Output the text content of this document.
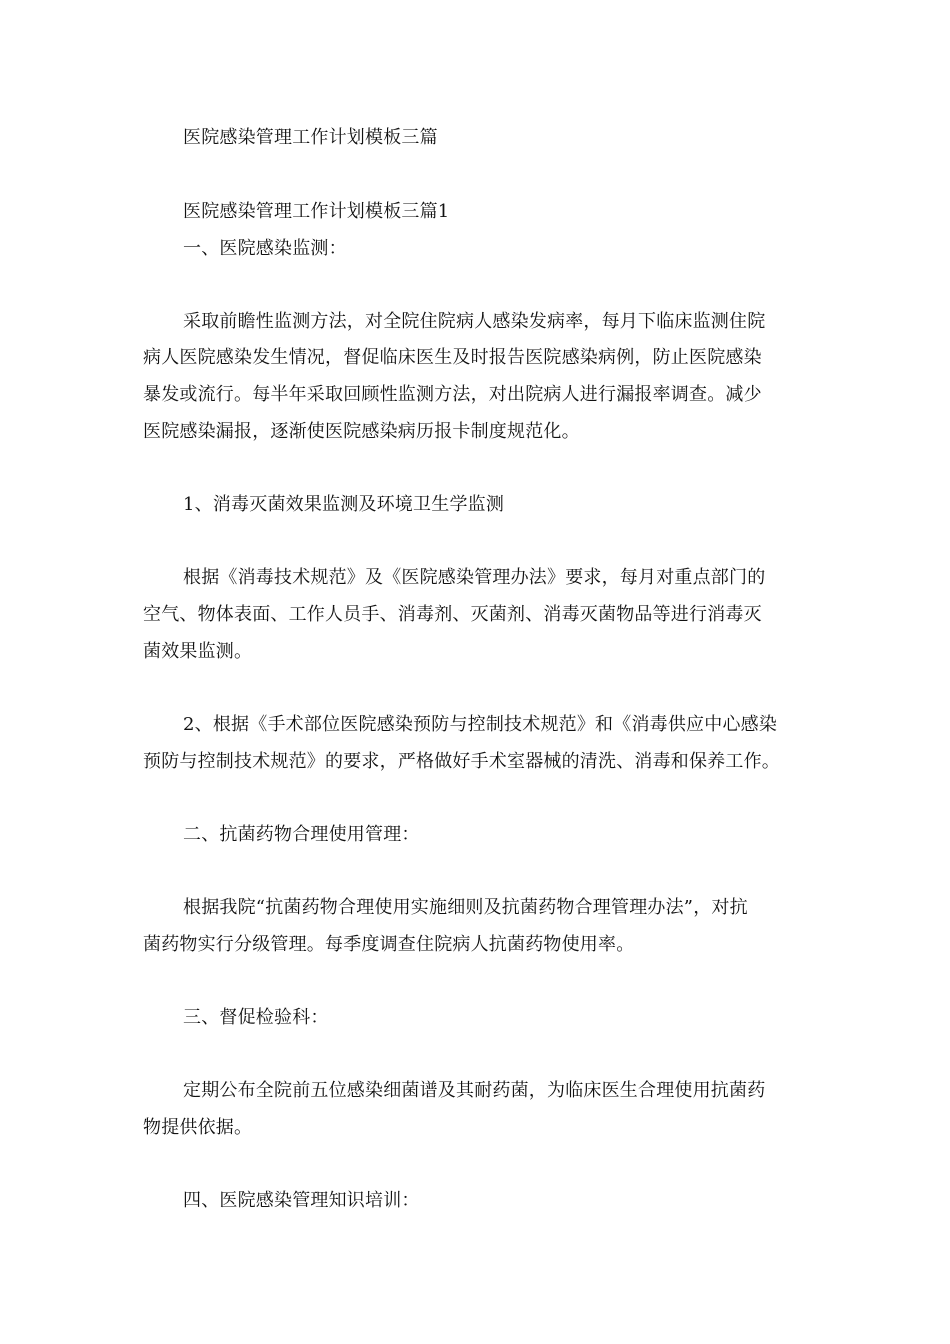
医院感染管理工作计划模板三篇
医院感染管理工作计划模板三篇1
一、医院感染监测：
采取前瞻性监测方法，对全院住院病人感染发病率，每月下临床监测住院
病人医院感染发生情况，督促临床医生及时报告医院感染病例，防止医院感染
暴发或流行。每半年采取回顾性监测方法，对出院病人进行漏报率调查。减少
医院感染漏报，逐渐使医院感染病历报卡制度规范化。
1、消毒灭菌效果监测及环境卫生学监测
根据《消毒技术规范》及《医院感染管理办法》要求，每月对重点部门的
空气、物体表面、工作人员手、消毒剂、灭菌剂、消毒灭菌物品等进行消毒灭
菌效果监测。
2、根据《手术部位医院感染预防与控制技术规范》和《消毒供应中心感染
预防与控制技术规范》的要求，严格做好手术室器械的清洗、消毒和保养工作。
二、抗菌药物合理使用管理：
根据我院“抗菌药物合理使用实施细则及抗菌药物合理管理办法”，对抗
菌药物实行分级管理。每季度调查住院病人抗菌药物使用率。
三、督促检验科：
定期公布全院前五位感染细菌谱及其耐药菌，为临床医生合理使用抗菌药
物提供依据。
四、医院感染管理知识培训：
